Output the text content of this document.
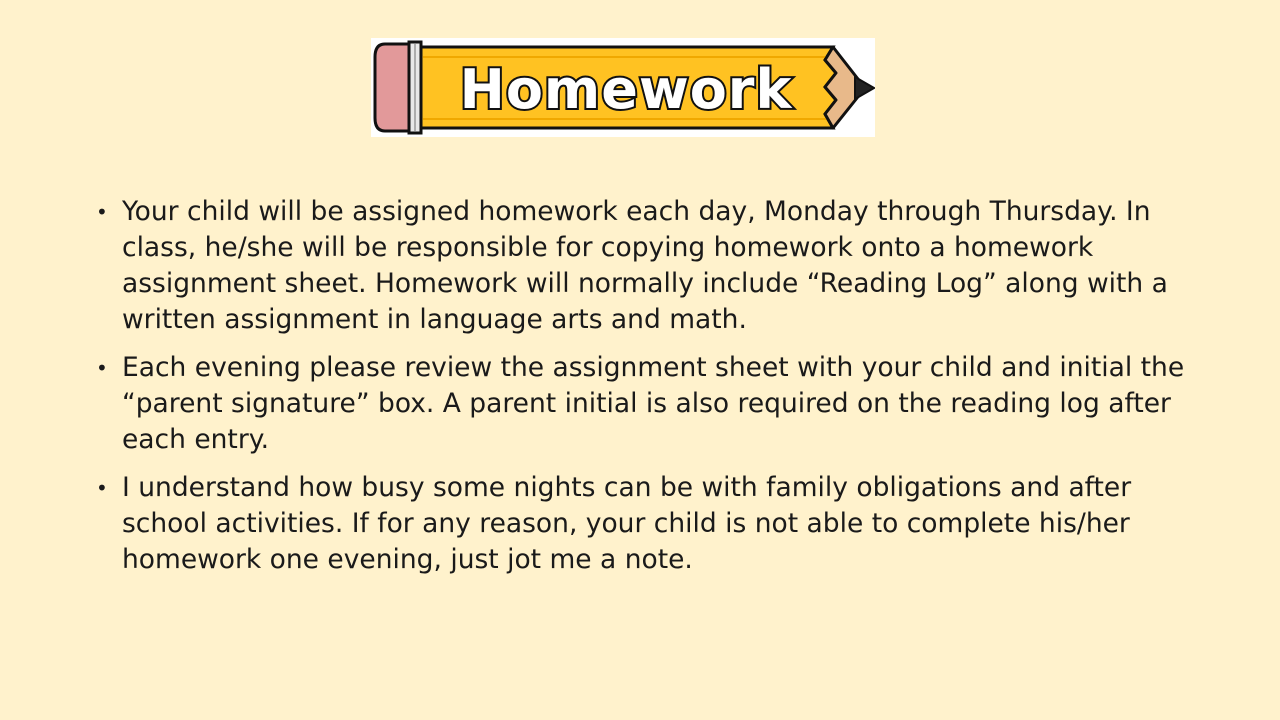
Homework
• Your child will be assigned homework each day, Monday through Thursday. In class, he/she will be responsible for copying homework onto a homework assignment sheet. Homework will normally include “Reading Log” along with a written assignment in language arts and math.
• Each evening please review the assignment sheet with your child and initial the “parent signature” box. A parent initial is also required on the reading log after each entry.
• I understand how busy some nights can be with family obligations and after school activities. If for any reason, your child is not able to complete his/her homework one evening, just jot me a note.
